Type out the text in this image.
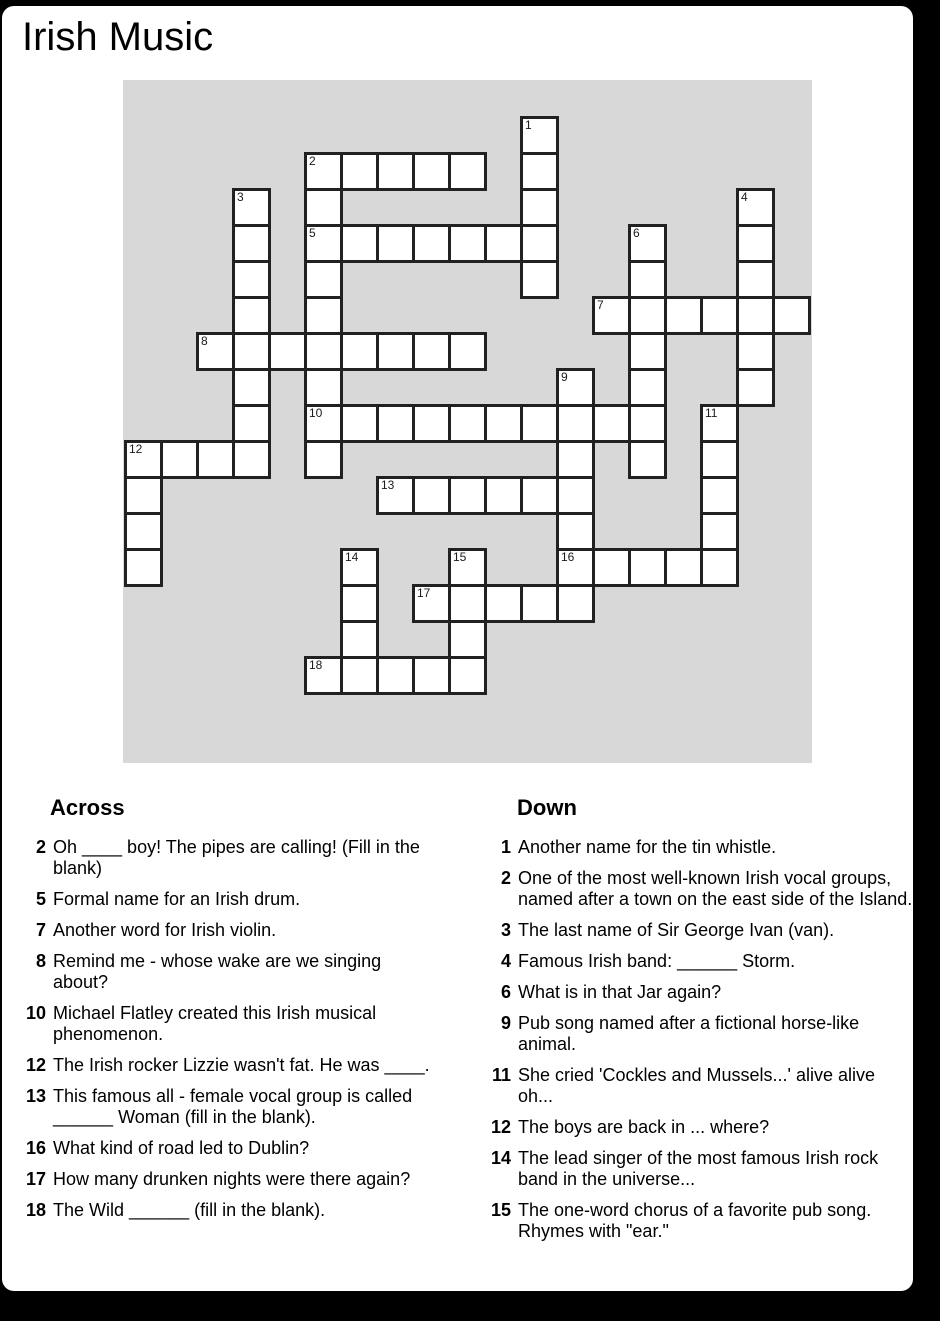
Irish Music
1
2
5
10
3	4
6
7
8
9
16
11
12
13
14	15
17
18
Across
2 Oh ____ boy! The pipes are calling! (Fill in the blank)
5 Formal name for an Irish drum.
7 Another word for Irish violin.
8 Remind me - whose wake are we singing about?
10 Michael Flatley created this Irish musical phenomenon.
12 The Irish rocker Lizzie wasn't fat. He was ____.
13 This famous all - female vocal group is called ______ Woman (fill in the blank).
16 What kind of road led to Dublin?
17 How many drunken nights were there again?
18 The Wild ______ (fill in the blank).
Down
1 Another name for the tin whistle.
2 One of the most well-known Irish vocal groups, named after a town on the east side of the Island.
3 The last name of Sir George Ivan (van).
4 Famous Irish band: ______ Storm.
6 What is in that Jar again?
9 Pub song named after a fictional horse-like animal.
11 She cried 'Cockles and Mussels...' alive alive oh...
12 The boys are back in ... where?
14 The lead singer of the most famous Irish rock band in the universe...
15 The one-word chorus of a favorite pub song. Rhymes with "ear."
